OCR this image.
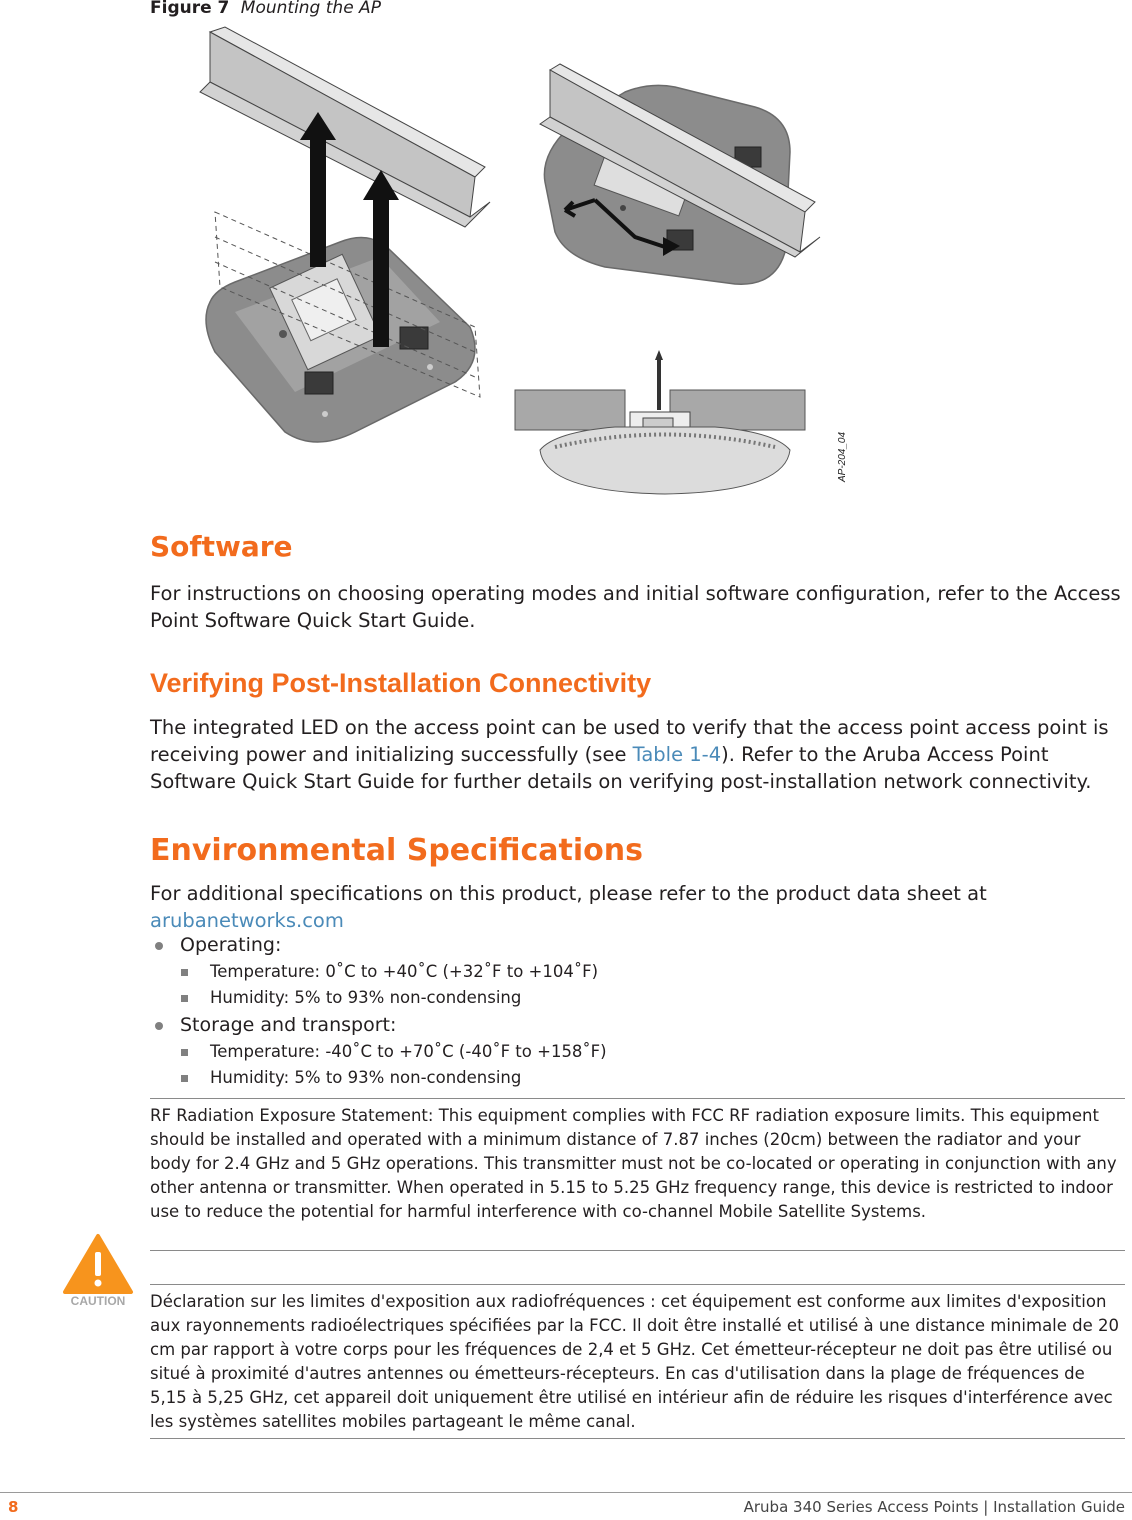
Figure 7 Mounting the AP
AP-204_04
Software
For instructions on choosing operating modes and initial software configuration, refer to the Access Point Software Quick Start Guide.
Verifying Post-Installation Connectivity
The integrated LED on the access point can be used to verify that the access point access point is receiving power and initializing successfully (see Table 1-4). Refer to the Aruba Access Point Software Quick Start Guide for further details on verifying post-installation network connectivity.
Environmental Specifications
For additional specifications on this product, please refer to the product data sheet at
arubanetworks.com
Operating:
Temperature: 0˚C to +40˚C (+32˚F to +104˚F)
Humidity: 5% to 93% non-condensing
Storage and transport:
Temperature: -40˚C to +70˚C (-40˚F to +158˚F)
Humidity: 5% to 93% non-condensing
RF Radiation Exposure Statement: This equipment complies with FCC RF radiation exposure limits. This equipment should be installed and operated with a minimum distance of 7.87 inches (20cm) between the radiator and your body for 2.4 GHz and 5 GHz operations. This transmitter must not be co-located or operating in conjunction with any other antenna or transmitter. When operated in 5.15 to 5.25 GHz frequency range, this device is restricted to indoor use to reduce the potential for harmful interference with co-channel Mobile Satellite Systems.
CAUTION Déclaration sur les limites d'exposition aux radiofréquences : cet équipement est conforme aux limites d'exposition aux rayonnements radioélectriques spécifiées par la FCC. Il doit être installé et utilisé à une distance minimale de 20 cm par rapport à votre corps pour les fréquences de 2,4 et 5 GHz. Cet émetteur-récepteur ne doit pas être utilisé ou situé à proximité d'autres antennes ou émetteurs-récepteurs. En cas d'utilisation dans la plage de fréquences de 5,15 à 5,25 GHz, cet appareil doit uniquement être utilisé en intérieur afin de réduire les risques d'interférence avec les systèmes satellites mobiles partageant le même canal.
8	Aruba 340 Series Access Points | Installation Guide
